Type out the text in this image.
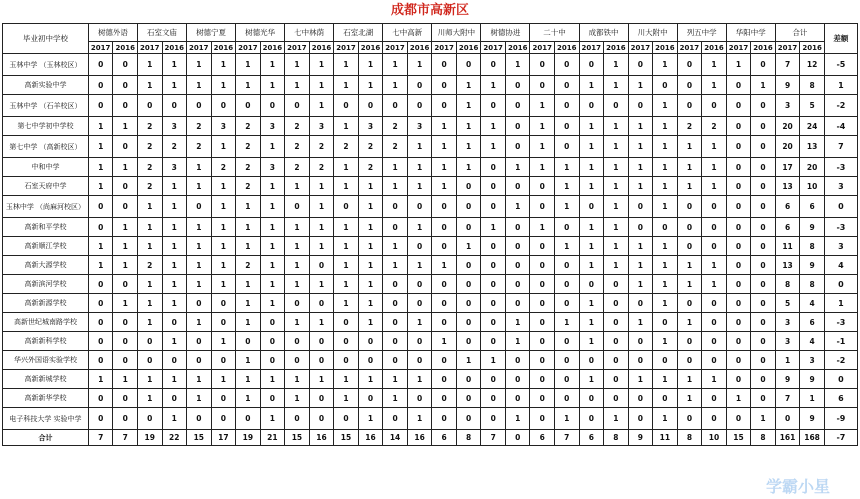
成都市高新区
毕业初中学校	树德外语		石室文庙		树德宁夏		树德光华		七中林荫		石室北湖		七中高新		川师大附中		树德协进		二十中		成都铁中		川大附中		列五中学		华阳中学		合计		差额
	2017	2016	2017	2016	2017	2016	2017	2016	2017	2016	2017	2016	2017	2016	2017	2016	2017	2016	2017	2016	2017	2016	2017	2016	2017	2016	2017	2016	2017	2016	
玉林中学 （玉林校区）	0	0	1	1	1	1	1	1	1	1	1	1	1	1	0	0	0	1	0	0	0	1	0	1	0	1	1	0	7	12	-5
高新实验中学	0	0	1	1	1	1	1	1	1	1	1	1	1	0	0	1	1	0	0	0	1	1	1	0	0	1	0	1	9	8	1
玉林中学 （石羊校区）	0	0	0	0	0	0	0	0	0	1	0	0	0	0	0	1	0	0	1	0	0	0	0	1	0	0	0	0	3	5	-2
第七中学初中学校	1	1	2	3	2	3	2	3	2	3	1	3	2	3	1	1	1	0	1	0	1	1	1	1	2	2	0	0	20	24	-4
第七中学 （高新校区）	1	0	2	2	2	1	2	1	2	2	2	2	2	1	1	1	1	0	1	0	1	1	1	1	1	1	0	0	20	13	7
中和中学	1	1	2	3	1	2	2	3	2	2	1	2	1	1	1	1	0	1	1	1	1	1	1	1	1	1	0	0	17	20	-3
石室天府中学	1	0	2	1	1	1	2	1	1	1	1	1	1	1	1	0	0	0	0	1	1	1	1	1	1	1	0	0	13	10	3
玉林中学 （尚麻河校区）	0	0	1	1	0	1	1	1	0	1	0	1	0	0	0	0	0	1	0	1	0	1	0	1	0	0	0	0	6	6	0
高新和平学校	0	1	1	1	1	1	1	1	1	1	1	1	0	1	0	0	1	0	1	0	1	1	0	0	0	0	0	0	6	9	-3
高新顺江学校	1	1	1	1	1	1	1	1	1	1	1	1	1	0	0	1	0	0	0	1	1	1	1	1	0	0	0	0	11	8	3
高新大源学校	1	1	2	1	1	1	2	1	1	0	1	1	1	1	1	0	0	0	0	0	1	1	1	1	1	1	0	0	13	9	4
高新滨河学校	0	0	1	1	1	1	1	1	1	1	1	1	0	0	0	0	0	0	0	0	0	0	1	1	1	1	0	0	8	8	0
高新新源学校	0	1	1	1	0	0	1	1	0	0	1	1	0	0	0	0	0	0	0	0	1	0	0	1	0	0	0	0	5	4	1
高新世纪城南路学校	0	0	1	0	1	0	1	0	1	1	0	1	0	1	0	0	0	1	0	1	1	0	1	0	1	0	0	0	3	6	-3
高新新科学校	0	0	0	1	0	1	0	0	0	0	0	0	0	0	1	0	0	1	0	0	1	0	0	1	0	0	0	0	3	4	-1
华兴外国语实验学校	0	0	0	0	0	0	1	0	0	0	0	0	0	0	0	1	1	0	0	0	0	0	0	0	0	0	0	0	1	3	-2
高新新城学校	1	1	1	1	1	1	1	1	1	1	1	1	1	1	0	0	0	0	0	0	1	0	1	1	1	1	0	0	9	9	0
高新新华学校	0	0	1	0	1	0	1	0	1	0	1	0	1	0	0	0	0	0	0	0	0	0	0	0	1	0	1	0	7	1	6
电子科技大学 实验中学	0	0	0	1	0	0	0	1	0	0	0	1	0	1	0	0	0	1	0	1	0	1	0	1	0	0	0	1	0	9	-9
合计	7	7	19	22	15	17	19	21	15	16	15	16	14	16	6	8	7	0	6	7	6	8	9	11	8	10	15	8	161	168	-7
学霸小星
